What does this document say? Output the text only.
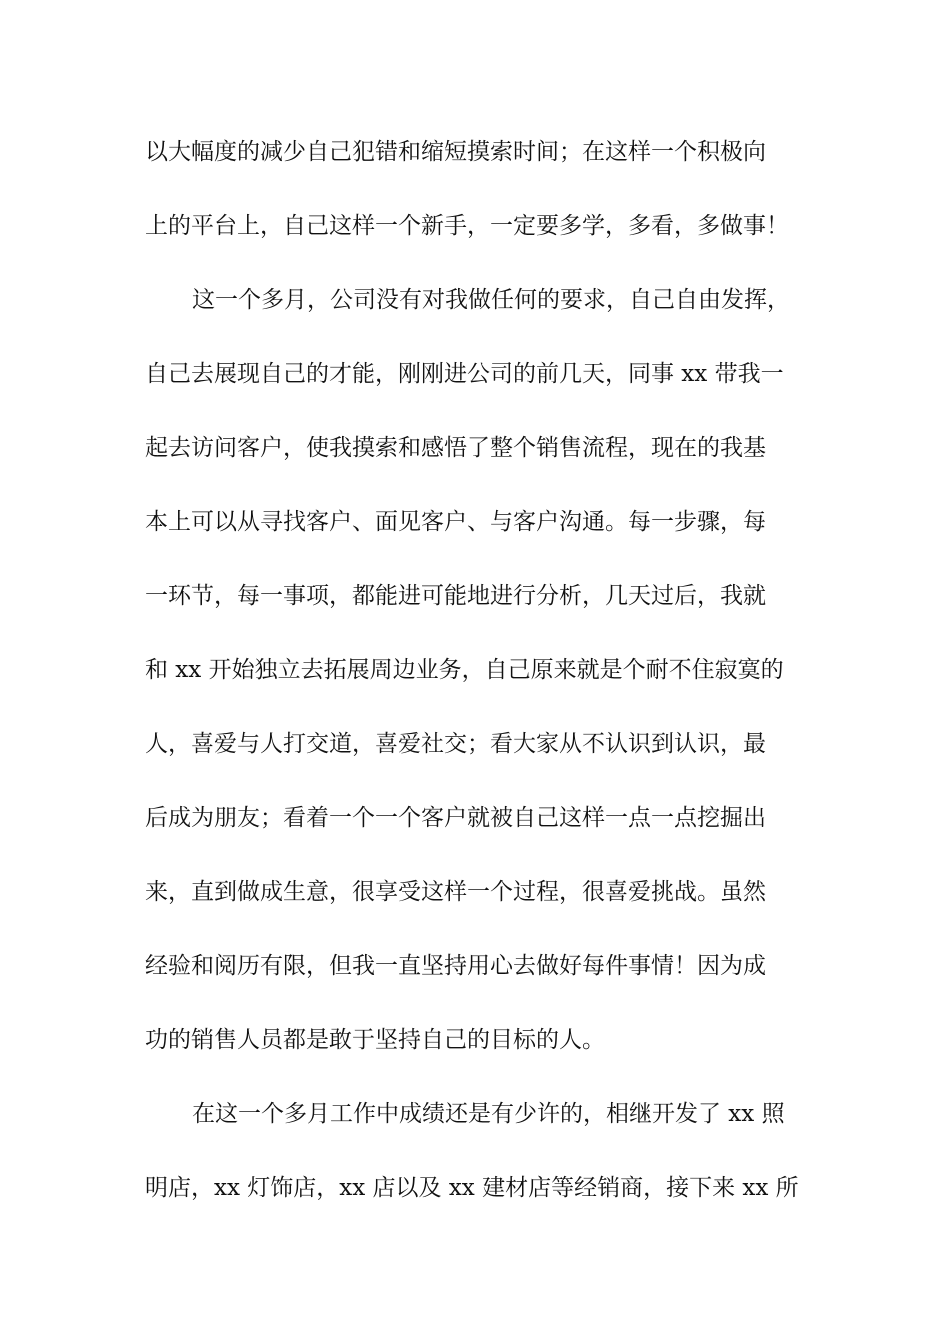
以大幅度的减少自己犯错和缩短摸索时间；在这样一个积极向
上的平台上，自己这样一个新手，一定要多学，多看，多做事！
这一个多月，公司没有对我做任何的要求，自己自由发挥，
自己去展现自己的才能，刚刚进公司的前几天，同事 xx 带我一
起去访问客户，使我摸索和感悟了整个销售流程，现在的我基
本上可以从寻找客户、面见客户、与客户沟通。每一步骤，每
一环节，每一事项，都能进可能地进行分析，几天过后，我就
和 xx 开始独立去拓展周边业务，自己原来就是个耐不住寂寞的
人，喜爱与人打交道，喜爱社交；看大家从不认识到认识，最
后成为朋友；看着一个一个客户就被自己这样一点一点挖掘出
来，直到做成生意，很享受这样一个过程，很喜爱挑战。虽然
经验和阅历有限，但我一直坚持用心去做好每件事情！因为成
功的销售人员都是敢于坚持自己的目标的人。
在这一个多月工作中成绩还是有少许的，相继开发了 xx 照
明店，xx 灯饰店，xx 店以及 xx 建材店等经销商，接下来 xx 所
